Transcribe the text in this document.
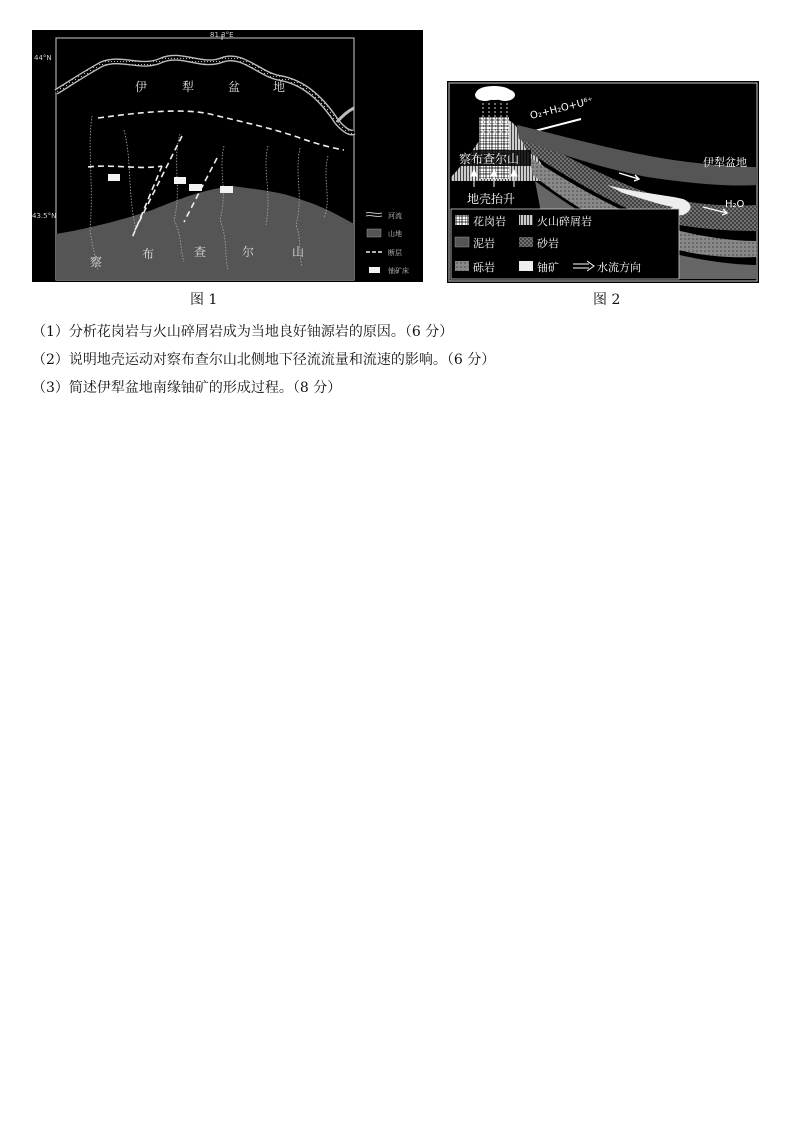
81.3°E
44°N
43.5°N
伊	犁	盆	地
察
布	查	尔	山
河流
山地
断层
铀矿床
图 1
O₂+H₂O+U⁶⁺
察布查尔山
地壳抬升
伊犁盆地
H₂O
花岗岩	火山碎屑岩
泥岩	砂岩
砾岩	铀矿	水流方向
图 2
（1）分析花岗岩与火山碎屑岩成为当地良好铀源岩的原因。（6 分）
（2）说明地壳运动对察布查尔山北侧地下径流流量和流速的影响。（6 分）
（3）简述伊犁盆地南缘铀矿的形成过程。（8 分）
